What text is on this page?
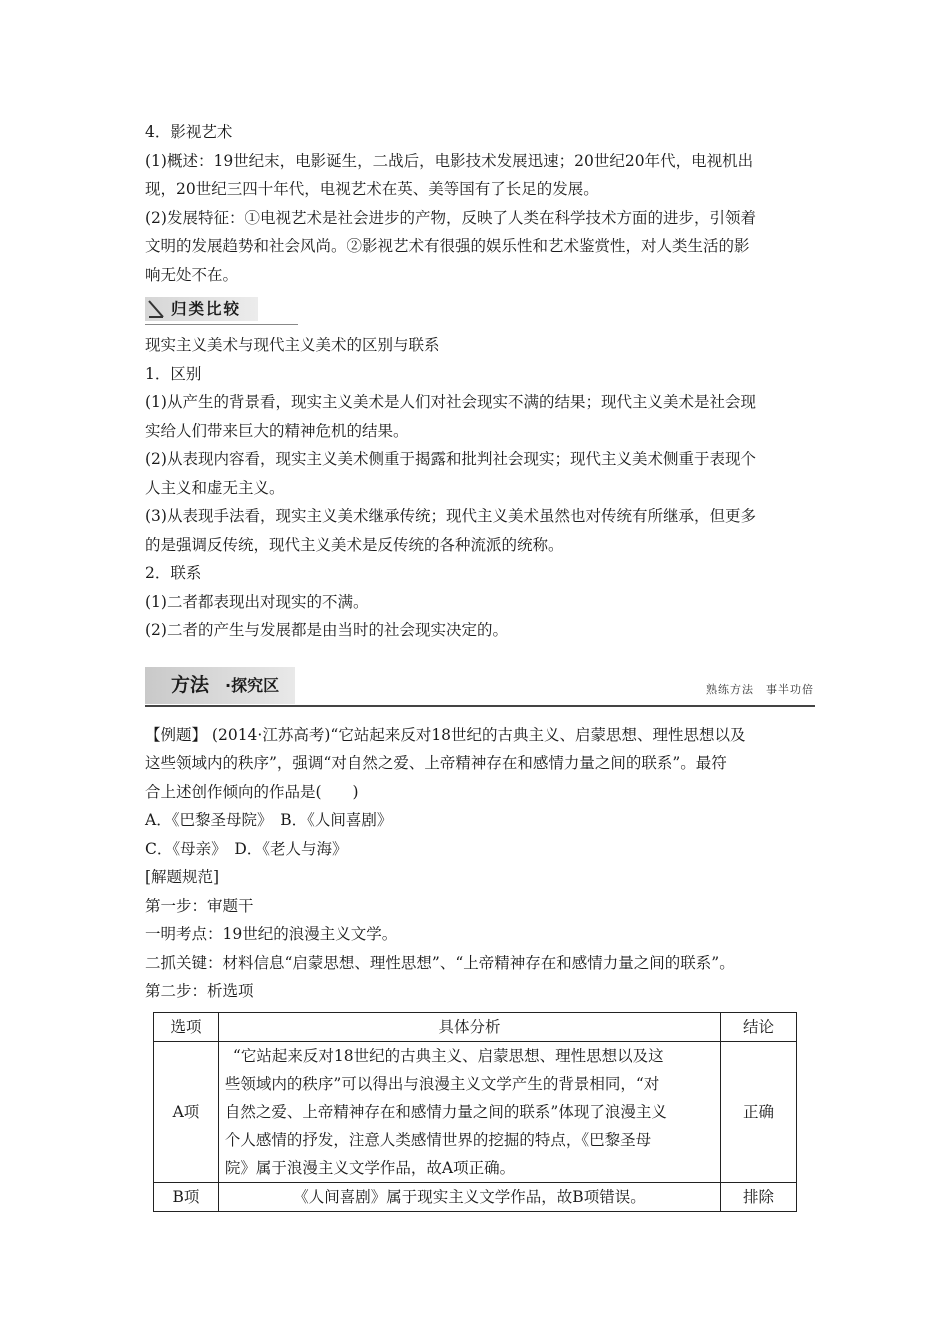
4．影视艺术
(1)概述：19世纪末，电影诞生，二战后，电影技术发展迅速；20世纪20年代，电视机出
现，20世纪三四十年代，电视艺术在英、美等国有了长足的发展。
(2)发展特征：①电视艺术是社会进步的产物，反映了人类在科学技术方面的进步，引领着
文明的发展趋势和社会风尚。②影视艺术有很强的娱乐性和艺术鉴赏性，对人类生活的影
响无处不在。
归类比较
现实主义美术与现代主义美术的区别与联系
1．区别
(1)从产生的背景看，现实主义美术是人们对社会现实不满的结果；现代主义美术是社会现
实给人们带来巨大的精神危机的结果。
(2)从表现内容看，现实主义美术侧重于揭露和批判社会现实；现代主义美术侧重于表现个
人主义和虚无主义。
(3)从表现手法看，现实主义美术继承传统；现代主义美术虽然也对传统有所继承，但更多
的是强调反传统，现代主义美术是反传统的各种流派的统称。
2．联系
(1)二者都表现出对现实的不满。
(2)二者的产生与发展都是由当时的社会现实决定的。
方法 ·探究区	熟练方法　事半功倍
【例题】 (2014·江苏高考)“它站起来反对18世纪的古典主义、启蒙思想、理性思想以及
这些领域内的秩序”，强调“对自然之爱、上帝精神存在和感情力量之间的联系”。最符
合上述创作倾向的作品是(　　)
A．《巴黎圣母院》　B．《人间喜剧》
C．《母亲》　D．《老人与海》
[解题规范]
第一步：审题干
一明考点：19世纪的浪漫主义文学。
二抓关键：材料信息“启蒙思想、理性思想”、“上帝精神存在和感情力量之间的联系”。
第二步：析选项
选项	具体分析	结论
A项	“它站起来反对18世纪的古典主义、启蒙思想、理性思想以及这
些领域内的秩序”可以得出与浪漫主义文学产生的背景相同，“对
自然之爱、上帝精神存在和感情力量之间的联系”体现了浪漫主义
个人感情的抒发，注意人类感情世界的挖掘的特点，《巴黎圣母
院》属于浪漫主义文学作品，故A项正确。	正确
B项	《人间喜剧》属于现实主义文学作品，故B项错误。	排除
